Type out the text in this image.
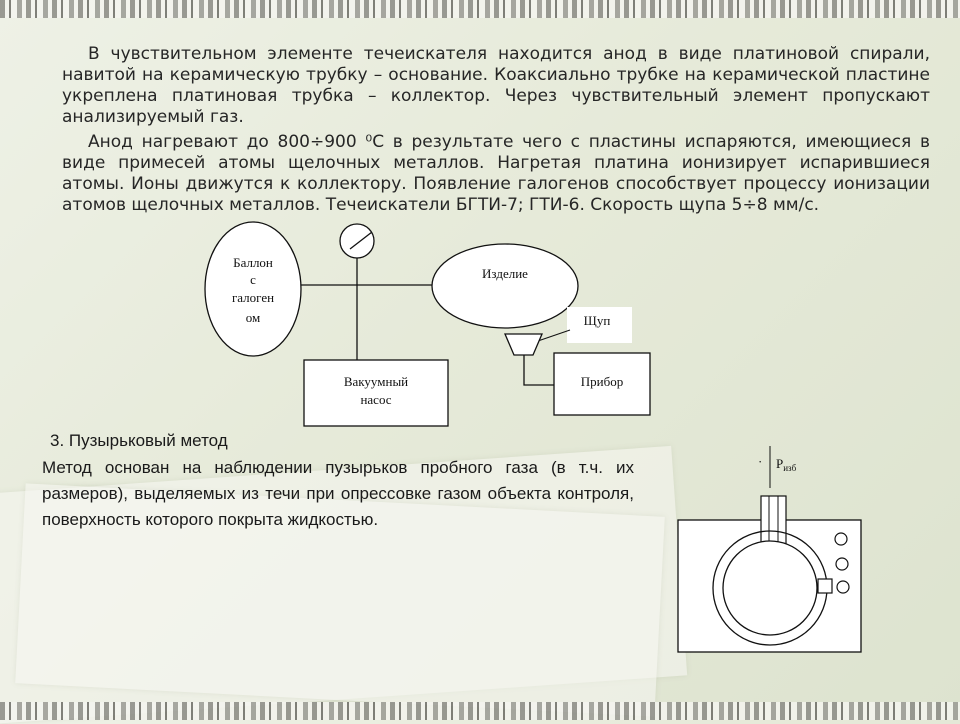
В чувствительном элементе течеискателя находится анод в виде платиновой спирали, навитой на керамическую трубку – основание. Коаксиально трубке на керамической пластине укреплена платиновая трубка – коллектор. Через чувствительный элемент пропускают анализируемый газ.

Анод нагревают до 800÷900 ⁰С в результате чего с пластины испаряются, имеющиеся в виде примесей атомы щелочных металлов. Нагретая платина ионизирует испарившиеся атомы. Ионы движутся к коллектору. Появление галогенов способствует процессу ионизации атомов щелочных металлов. Течеискатели БГТИ-7; ГТИ-6. Скорость щупа 5÷8 мм/с.

Баллон
с
галоген
ом
Изделие
Вакуумный
насос
Щуп
Прибор
3. Пузырьковый метод

Метод основан на наблюдении пузырьков пробного газа (в т.ч. их размеров), выделяемых из течи при опрессовке газом объекта контроля, поверхность которого покрыта жидкостью.

· $P_{изб}$
